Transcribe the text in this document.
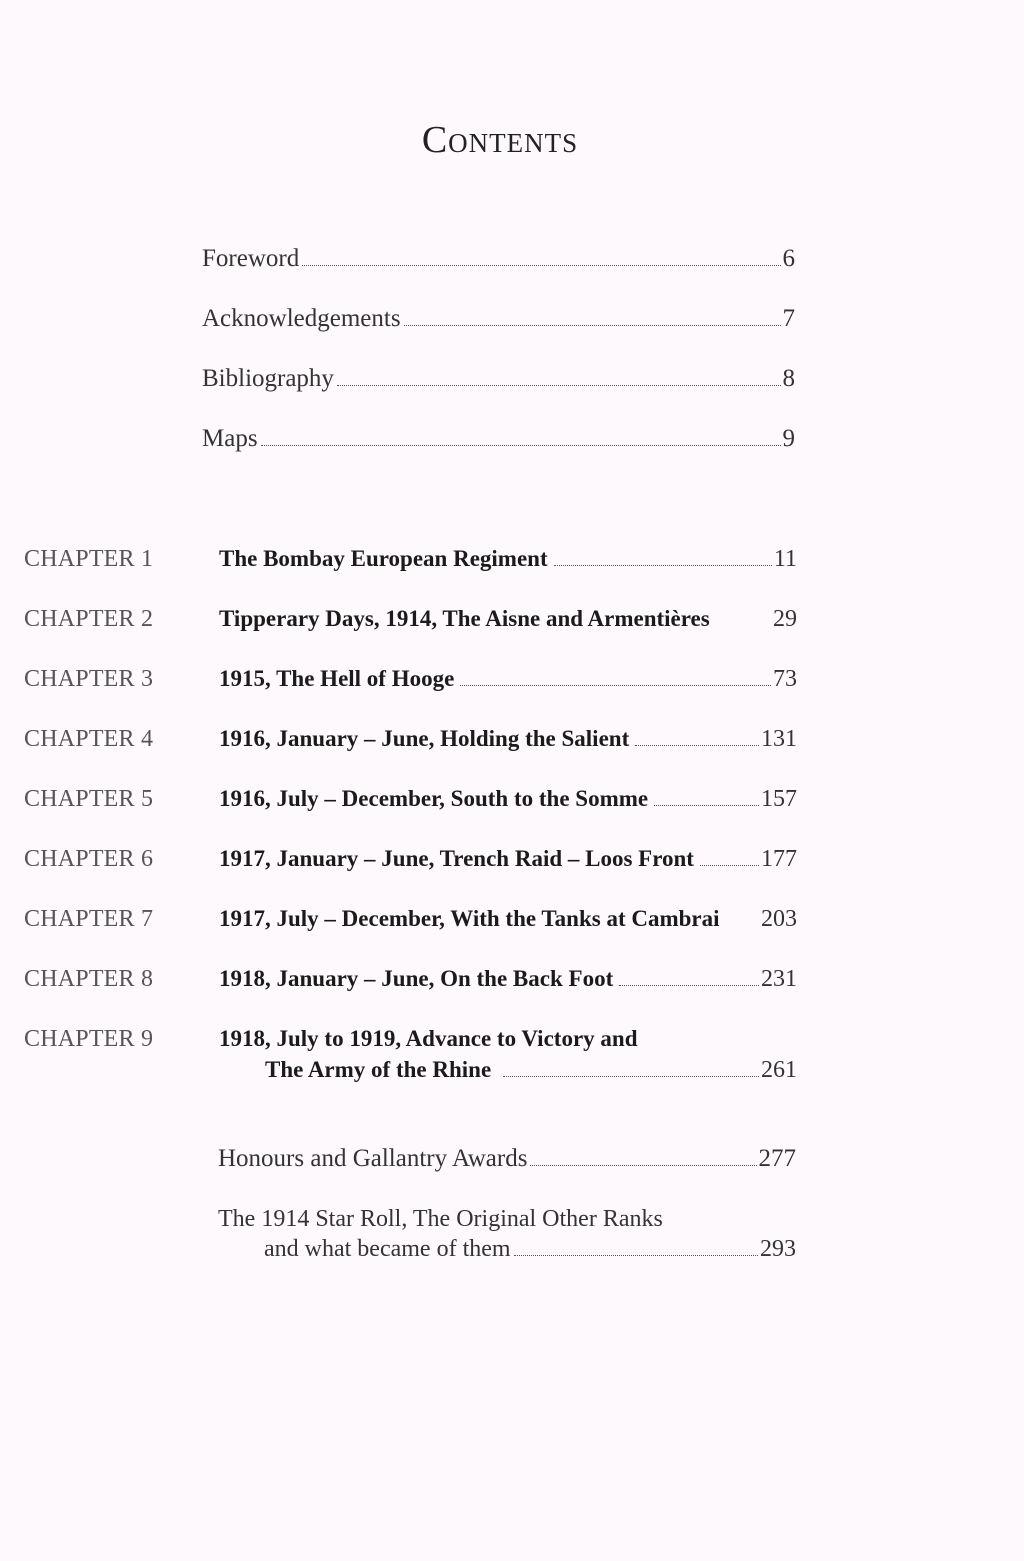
Contents
Foreword	6
Acknowledgements	7
Bibliography	8
Maps	9
CHAPTER 1	The Bombay European Regiment	11
CHAPTER 2	Tipperary Days, 1914, The Aisne and Armentières	29
CHAPTER 3	1915, The Hell of Hooge	73
CHAPTER 4	1916, January – June, Holding the Salient	131
CHAPTER 5	1916, July – December, South to the Somme	157
CHAPTER 6	1917, January – June, Trench Raid – Loos Front	177
CHAPTER 7	1917, July – December, With the Tanks at Cambrai 203
CHAPTER 8	1918, January – June, On the Back Foot	231
CHAPTER 9	1918, July to 1919, Advance to Victory and
The Army of the Rhine	261
Honours and Gallantry Awards	277
The 1914 Star Roll, The Original Other Ranks
and what became of them	293
